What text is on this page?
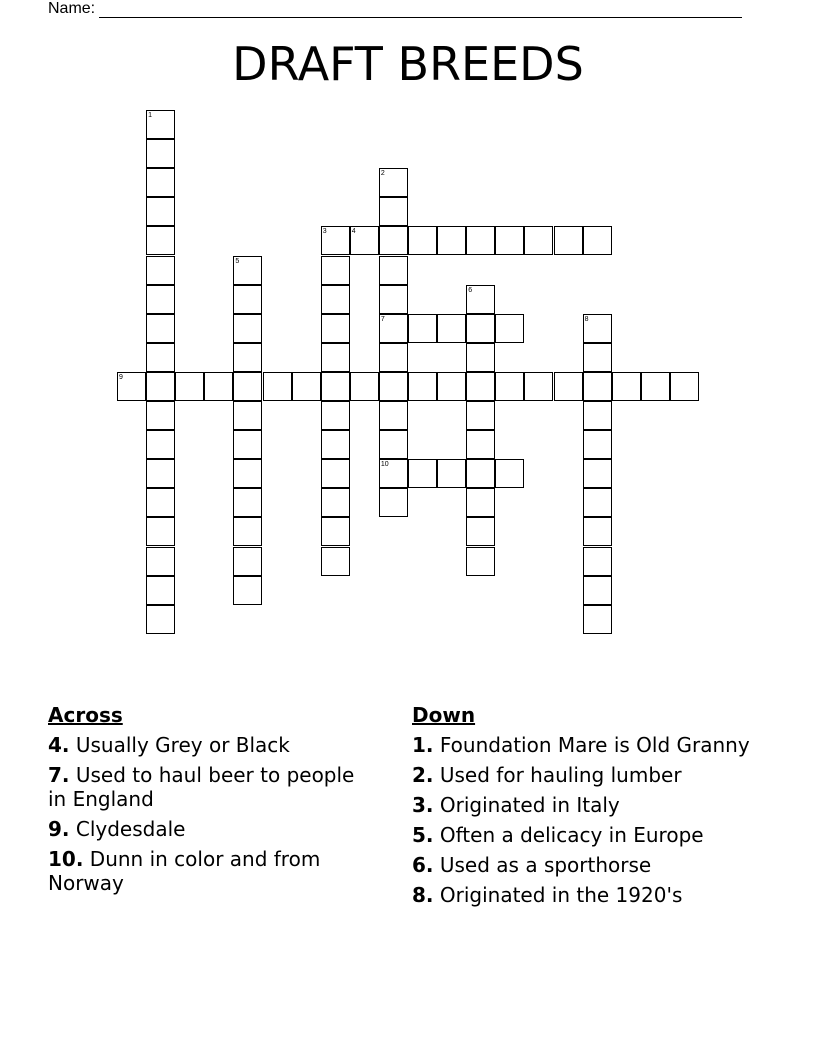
Name:
DRAFT BREEDS
1
2
7
10
3	4
5
6
8
9
Across
4. Usually Grey or Black
7. Used to haul beer to people in England
9. Clydesdale
10. Dunn in color and from Norway
Down
1. Foundation Mare is Old Granny
2. Used for hauling lumber
3. Originated in Italy
5. Often a delicacy in Europe
6. Used as a sporthorse
8. Originated in the 1920's
